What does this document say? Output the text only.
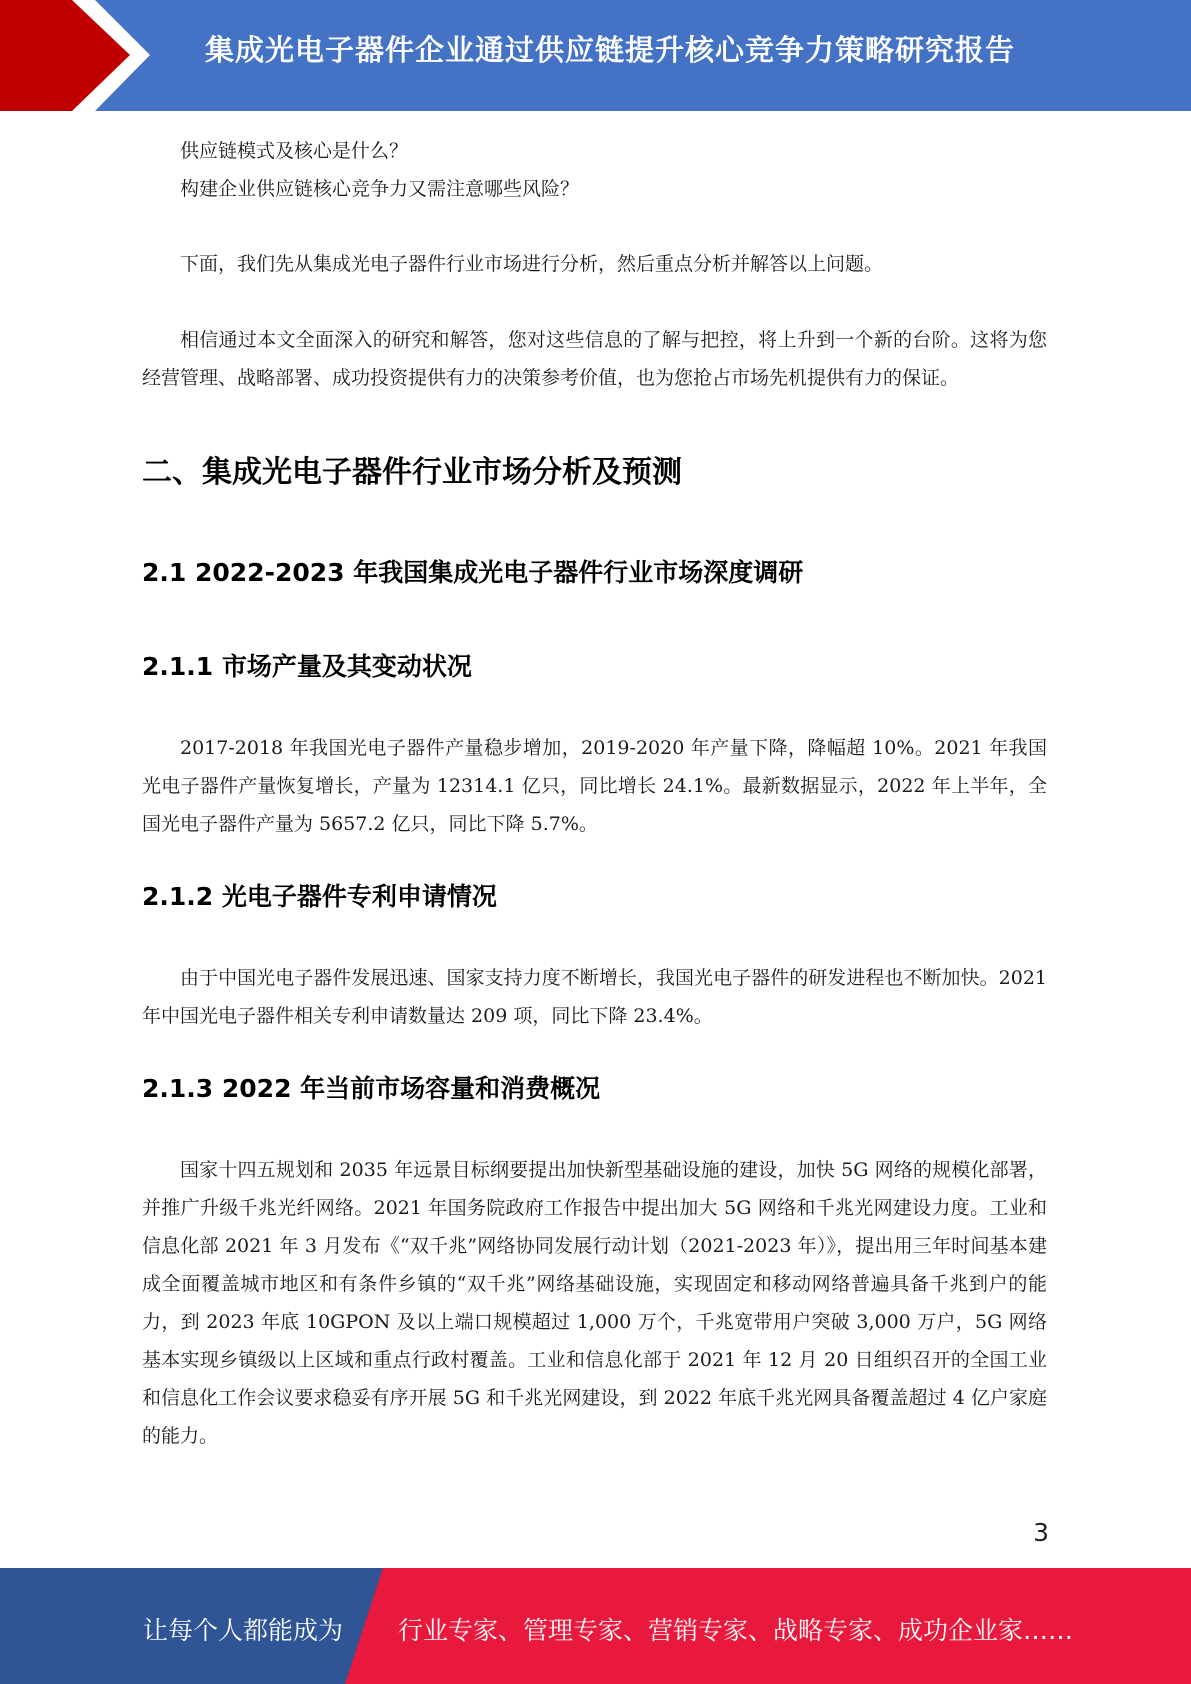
集成光电子器件企业通过供应链提升核心竞争力策略研究报告

供应链模式及核心是什么？

构建企业供应链核心竞争力又需注意哪些风险？

下面，我们先从集成光电子器件行业市场进行分析，然后重点分析并解答以上问题。

相信通过本文全面深入的研究和解答，您对这些信息的了解与把控，将上升到一个新的台阶。这将为您经营管理、战略部署、成功投资提供有力的决策参考价值，也为您抢占市场先机提供有力的保证。

二、集成光电子器件行业市场分析及预测
2.1 2022-2023 年我国集成光电子器件行业市场深度调研
2.1.1 市场产量及其变动状况

2017-2018 年我国光电子器件产量稳步增加，2019-2020 年产量下降，降幅超 10%。2021 年我国光电子器件产量恢复增长，产量为 12314.1 亿只，同比增长 24.1%。最新数据显示，2022 年上半年，全国光电子器件产量为 5657.2 亿只，同比下降 5.7%。

2.1.2 光电子器件专利申请情况

由于中国光电子器件发展迅速、国家支持力度不断增长，我国光电子器件的研发进程也不断加快。2021 年中国光电子器件相关专利申请数量达 209 项，同比下降 23.4%。

2.1.3 2022 年当前市场容量和消费概况

国家十四五规划和 2035 年远景目标纲要提出加快新型基础设施的建设，加快 5G 网络的规模化部署，并推广升级千兆光纤网络。2021 年国务院政府工作报告中提出加大 5G 网络和千兆光网建设力度。工业和信息化部 2021 年 3 月发布《“双千兆”网络协同发展行动计划（2021-2023 年）》，提出用三年时间基本建成全面覆盖城市地区和有条件乡镇的“双千兆”网络基础设施，实现固定和移动网络普遍具备千兆到户的能力，到 2023 年底 10GPON 及以上端口规模超过 1,000 万个，千兆宽带用户突破 3,000 万户，5G 网络基本实现乡镇级以上区域和重点行政村覆盖。工业和信息化部于 2021 年 12 月 20 日组织召开的全国工业和信息化工作会议要求稳妥有序开展 5G 和千兆光网建设，到 2022 年底千兆光网具备覆盖超过 4 亿户家庭的能力。

3
让每个人都能成为 行业专家、管理专家、营销专家、战略专家、成功企业家……
